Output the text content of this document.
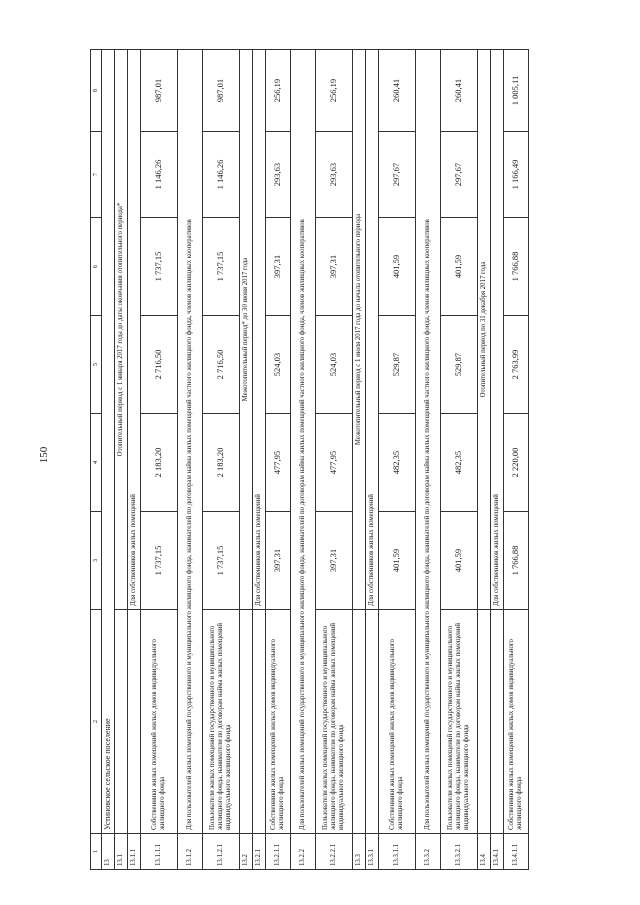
150
1	2	3	4	5	6	7	8
13	Устиновское сельское поселение						
13.1		Отопительный период с 1 января 2017 года до даты окончания отопительного периода*					
13.1.1		Для собственников жилых помещений					
13.1.1.1	Собственники жилых помещений жилых домов индивидуального жилищного фонда	1 737,15	2 183,20	2 716,50	1 737,15	1 146,26	987,01
13.1.2	Для пользователей жилых помещений государственного и муниципального жилищного фонда, нанимателей по договорам найма жилых помещений частного жилищного фонда, членов жилищных кооперативов						
13.1.2.1	Пользователи жилых помещений государственного и муниципального жилищного фонда, наниматели по договорам найма жилых помещений индивидуального жилищного фонда	1 737,15	2 183,20	2 716,50	1 737,15	1 146,26	987,01
13.2		Межотопительный период* до 30 июня 2017 года					
13.2.1		Для собственников жилых помещений					
13.2.1.1	Собственники жилых помещений жилых домов индивидуального жилищного фонда	397,31	477,95	524,03	397,31	293,63	256,19
13.2.2	Для пользователей жилых помещений государственного и муниципального жилищного фонда, нанимателей по договорам найма жилых помещений частного жилищного фонда, членов жилищных кооперативов						
13.2.2.1	Пользователи жилых помещений государственного и муниципального жилищного фонда, наниматели по договорам найма жилых помещений индивидуального жилищного фонда	397,31	477,95	524,03	397,31	293,63	256,19
13.3		Межотопительный период с 1 июля 2017 года до начала отопительного периода					
13.3.1		Для собственников жилых помещений					
13.3.1.1	Собственники жилых помещений жилых домов индивидуального жилищного фонда	401,59	482,35	529,87	401,59	297,67	260,41
13.3.2	Для пользователей жилых помещений государственного и муниципального жилищного фонда, нанимателей по договорам найма жилых помещений частного жилищного фонда, членов жилищных кооперативов						
13.3.2.1	Пользователи жилых помещений государственного и муниципального жилищного фонда, наниматели по договорам найма жилых помещений индивидуального жилищного фонда	401,59	482,35	529,87	401,59	297,67	260,41
13.4		Отопительный период по 31 декабря 2017 года					
13.4.1		Для собственников жилых помещений					
13.4.1.1	Собственники жилых помещений жилых домов индивидуального жилищного фонда	1 766,88	2 220,00	2 763,99	1 766,88	1 166,49	1 005,11
